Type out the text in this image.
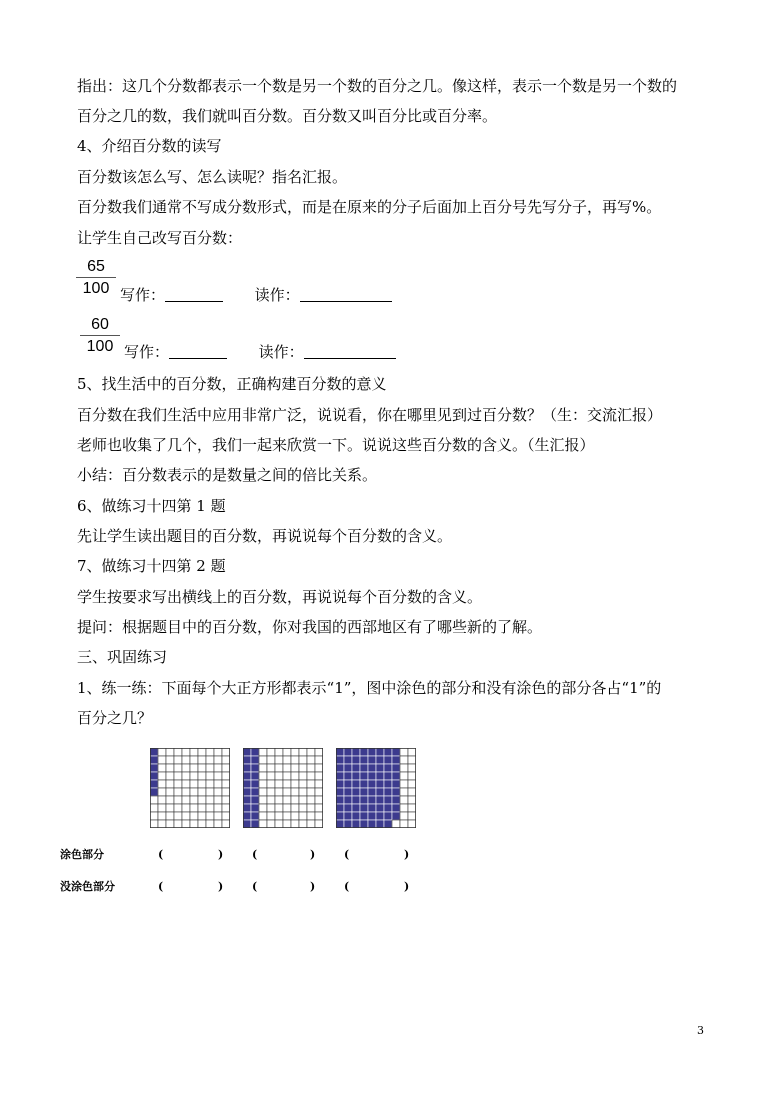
指出：这几个分数都表示一个数是另一个数的百分之几。像这样，表示一个数是另一个数的
百分之几的数，我们就叫百分数。百分数又叫百分比或百分率。
4、介绍百分数的读写
百分数该怎么写、怎么读呢？指名汇报。
百分数我们通常不写成分数形式，而是在原来的分子后面加上百分号先写分子，再写%。
让学生自己改写百分数：
65
100 写作：	读作：
60
100 写作：	读作：
5、找生活中的百分数，正确构建百分数的意义
百分数在我们生活中应用非常广泛，说说看，你在哪里见到过百分数？（生：交流汇报）
老师也收集了几个，我们一起来欣赏一下。说说这些百分数的含义。（生汇报）
小结：百分数表示的是数量之间的倍比关系。
6、做练习十四第 1 题
先让学生读出题目的百分数，再说说每个百分数的含义。
7、做练习十四第 2 题
学生按要求写出横线上的百分数，再说说每个百分数的含义。
提问：根据题目中的百分数，你对我国的西部地区有了哪些新的了解。
三、巩固练习
1、练一练：下面每个大正方形都表示“1”，图中涂色的部分和没有涂色的部分各占“1”的
百分之几？
涂色部分	(	)	(	)	(	)
没涂色部分	(	)	(	)	(	)
3
